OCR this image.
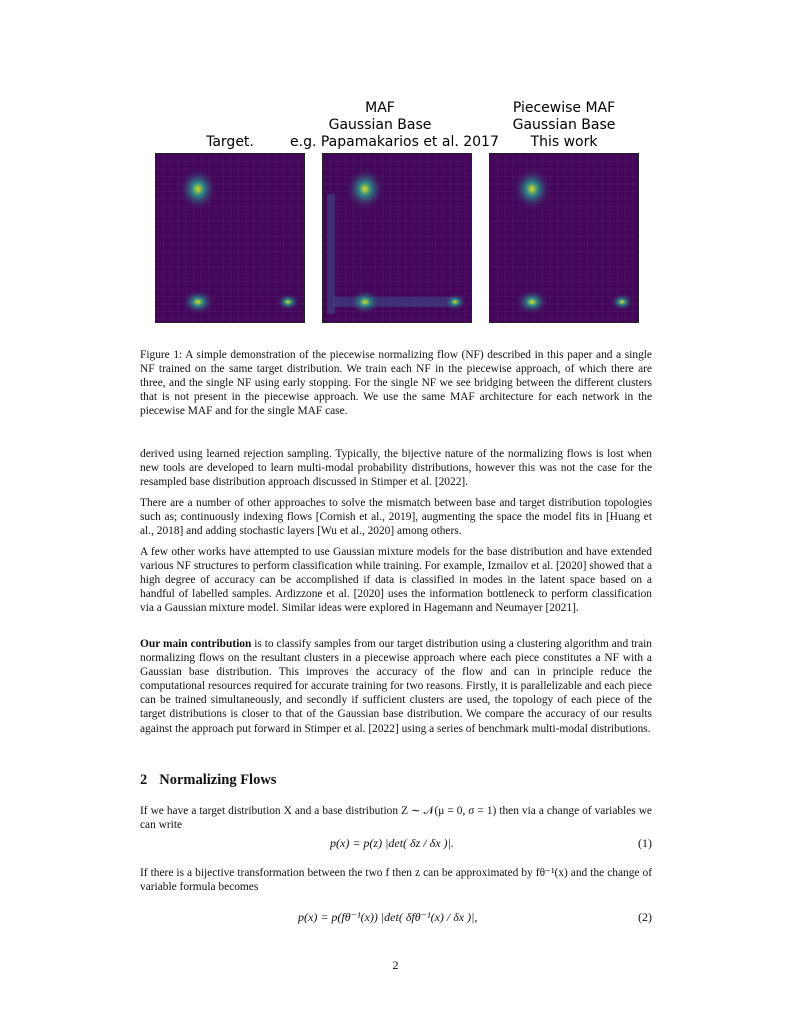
Target.
MAF
Gaussian Base
e.g. Papamakarios et al. 2017
Piecewise MAF
Gaussian Base
This work
Figure 1: A simple demonstration of the piecewise normalizing flow (NF) described in this paper and a single NF trained on the same target distribution. We train each NF in the piecewise approach, of which there are three, and the single NF using early stopping. For the single NF we see bridging between the different clusters that is not present in the piecewise approach. We use the same MAF architecture for each network in the piecewise MAF and for the single MAF case.

derived using learned rejection sampling. Typically, the bijective nature of the normalizing flows is lost when new tools are developed to learn multi-modal probability distributions, however this was not the case for the resampled base distribution approach discussed in Stimper et al. [2022].

There are a number of other approaches to solve the mismatch between base and target distribution topologies such as; continuously indexing flows [Cornish et al., 2019], augmenting the space the model fits in [Huang et al., 2018] and adding stochastic layers [Wu et al., 2020] among others.

A few other works have attempted to use Gaussian mixture models for the base distribution and have extended various NF structures to perform classification while training. For example, Izmailov et al. [2020] showed that a high degree of accuracy can be accomplished if data is classified in modes in the latent space based on a handful of labelled samples. Ardizzone et al. [2020] uses the information bottleneck to perform classification via a Gaussian mixture model. Similar ideas were explored in Hagemann and Neumayer [2021].

Our main contribution is to classify samples from our target distribution using a clustering algorithm and train normalizing flows on the resultant clusters in a piecewise approach where each piece constitutes a NF with a Gaussian base distribution. This improves the accuracy of the flow and can in principle reduce the computational resources required for accurate training for two reasons. Firstly, it is parallelizable and each piece can be trained simultaneously, and secondly if sufficient clusters are used, the topology of each piece of the target distributions is closer to that of the Gaussian base distribution. We compare the accuracy of our results against the approach put forward in Stimper et al. [2022] using a series of benchmark multi-modal distributions.

2 Normalizing Flows

If we have a target distribution X and a base distribution Z ∼ 𝒩(μ = 0, σ = 1) then via a change of variables we can write

p(x) = p(z) |det( δz / δx )|.	(1)

If there is a bijective transformation between the two f then z can be approximated by fθ⁻¹(x) and the change of variable formula becomes

p(x) = p(fθ⁻¹(x)) |det( δfθ⁻¹(x) / δx )|,	(2)
2
